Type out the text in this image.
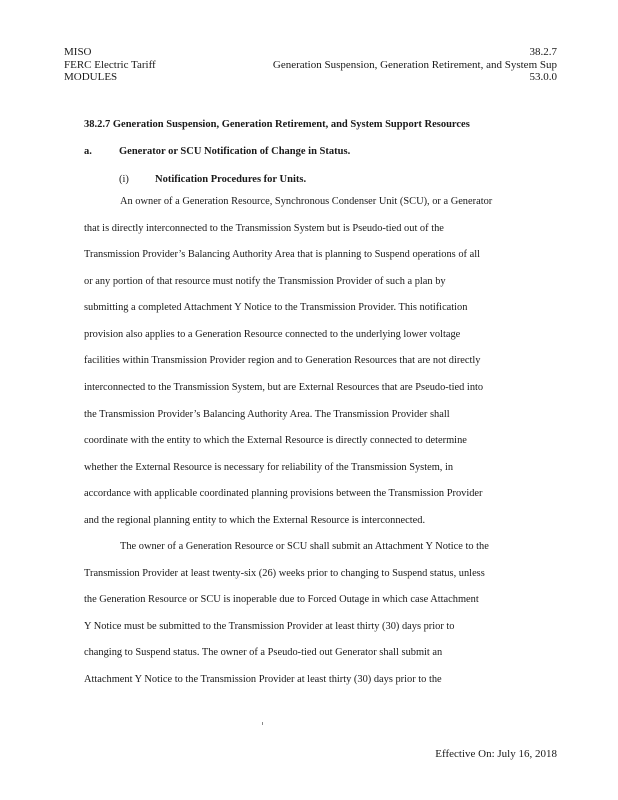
MISO
FERC Electric Tariff
MODULES
38.2.7
Generation Suspension, Generation Retirement, and System Sup
53.0.0
38.2.7 Generation Suspension, Generation Retirement, and System Support Resources
a.	Generator or SCU Notification of Change in Status.
(i) Notification Procedures for Units.
An owner of a Generation Resource, Synchronous Condenser Unit (SCU), or a Generator
that is directly interconnected to the Transmission System but is Pseudo-tied out of the
Transmission Provider’s Balancing Authority Area that is planning to Suspend operations of all
or any portion of that resource must notify the Transmission Provider of such a plan by
submitting a completed Attachment Y Notice to the Transmission Provider. This notification
provision also applies to a Generation Resource connected to the underlying lower voltage
facilities within Transmission Provider region and to Generation Resources that are not directly
interconnected to the Transmission System, but are External Resources that are Pseudo-tied into
the Transmission Provider’s Balancing Authority Area. The Transmission Provider shall
coordinate with the entity to which the External Resource is directly connected to determine
whether the External Resource is necessary for reliability of the Transmission System, in
accordance with applicable coordinated planning provisions between the Transmission Provider
and the regional planning entity to which the External Resource is interconnected.
The owner of a Generation Resource or SCU shall submit an Attachment Y Notice to the
Transmission Provider at least twenty-six (26) weeks prior to changing to Suspend status, unless
the Generation Resource or SCU is inoperable due to Forced Outage in which case Attachment
Y Notice must be submitted to the Transmission Provider at least thirty (30) days prior to
changing to Suspend status. The owner of a Pseudo-tied out Generator shall submit an
Attachment Y Notice to the Transmission Provider at least thirty (30) days prior to the
Effective On: July 16, 2018
